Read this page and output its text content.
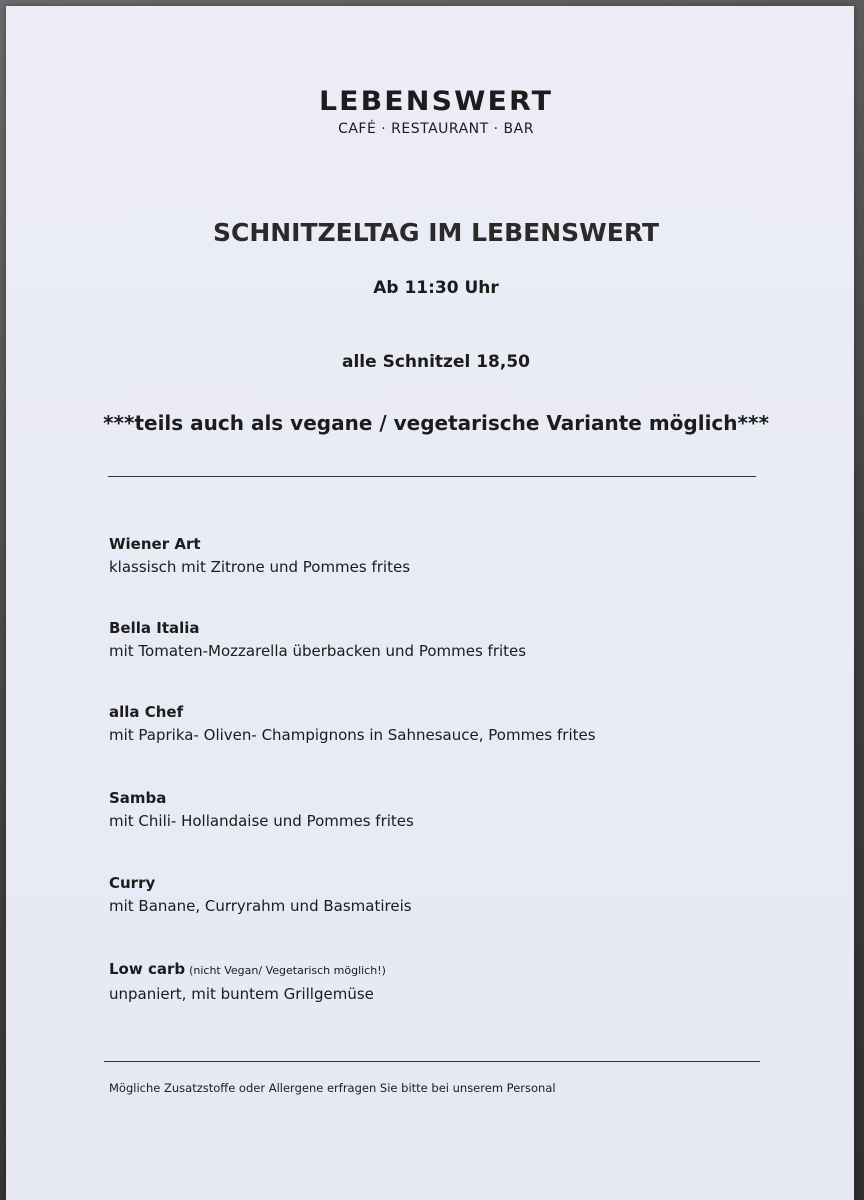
LEBENSWERT
CAFÉ · RESTAURANT · BAR
SCHNITZELTAG IM LEBENSWERT
Ab 11:30 Uhr
alle Schnitzel 18,50
***teils auch als vegane / vegetarische Variante möglich***
Wiener Art
klassisch mit Zitrone und Pommes frites
Bella Italia
mit Tomaten-Mozzarella überbacken und Pommes frites
alla Chef
mit Paprika- Oliven- Champignons in Sahnesauce, Pommes frites
Samba
mit Chili- Hollandaise und Pommes frites
Curry
mit Banane, Curryrahm und Basmatireis
Low carb (nicht Vegan/ Vegetarisch möglich!)
unpaniert, mit buntem Grillgemüse
Mögliche Zusatzstoffe oder Allergene erfragen Sie bitte bei unserem Personal
